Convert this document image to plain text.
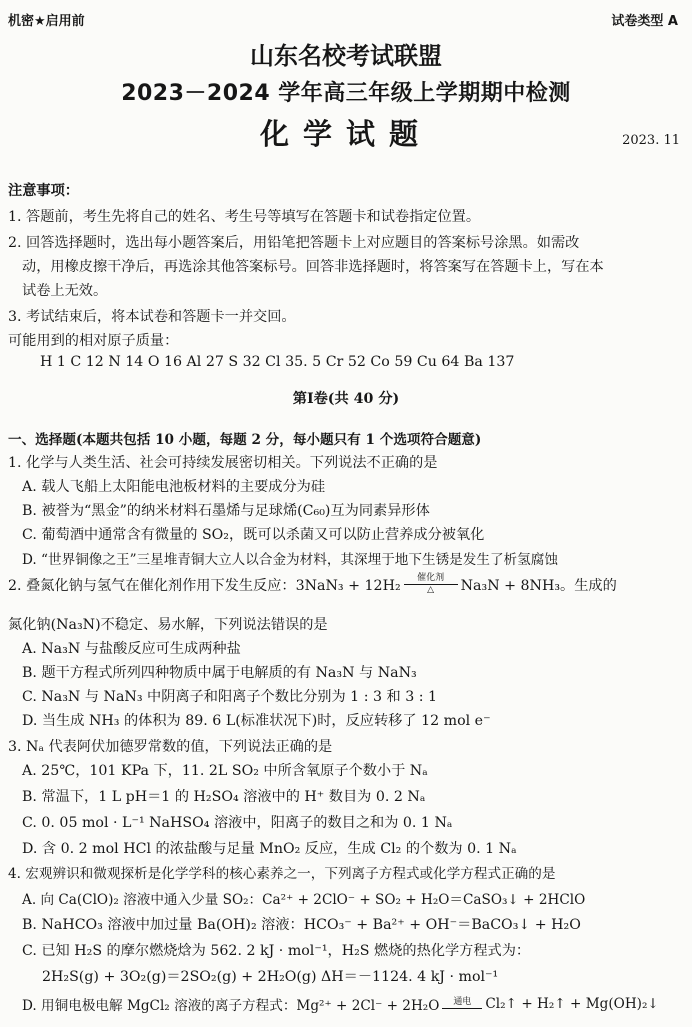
机密★启用前	试卷类型 A
山东名校考试联盟
2023－2024 学年高三年级上学期期中检测
化学试题	2023. 11
注意事项：
1. 答题前，考生先将自己的姓名、考生号等填写在答题卡和试卷指定位置。
2. 回答选择题时，选出每小题答案后，用铅笔把答题卡上对应题目的答案标号涂黑。如需改
动，用橡皮擦干净后，再选涂其他答案标号。回答非选择题时，将答案写在答题卡上，写在本
试卷上无效。
3. 考试结束后，将本试卷和答题卡一并交回。
可能用到的相对原子质量：
H 1 C 12 N 14 O 16 Al 27 S 32 Cl 35. 5 Cr 52 Co 59 Cu 64 Ba 137
第Ⅰ卷(共 40 分)
一、选择题(本题共包括 10 小题，每题 2 分，每小题只有 1 个选项符合题意)
1. 化学与人类生活、社会可持续发展密切相关。下列说法不正确的是
A. 载人飞船上太阳能电池板材料的主要成分为硅
B. 被誉为“黑金”的纳米材料石墨烯与足球烯(C₆₀)互为同素异形体
C. 葡萄酒中通常含有微量的 SO₂，既可以杀菌又可以防止营养成分被氧化
D. “世界铜像之王”三星堆青铜大立人以合金为材料，其深埋于地下生锈是发生了析氢腐蚀
2. 叠氮化钠与氢气在催化剂作用下发生反应：3NaN₃ + 12H₂ 催化剂
△ Na₃N + 8NH₃。生成的
氮化钠(Na₃N)不稳定、易水解，下列说法错误的是
A. Na₃N 与盐酸反应可生成两种盐
B. 题干方程式所列四种物质中属于电解质的有 Na₃N 与 NaN₃
C. Na₃N 与 NaN₃ 中阴离子和阳离子个数比分别为 1 : 3 和 3 : 1
D. 当生成 NH₃ 的体积为 89. 6 L(标准状况下)时，反应转移了 12 mol e⁻
3. Nₐ 代表阿伏加德罗常数的值，下列说法正确的是
A. 25℃，101 KPa 下，11. 2L SO₂ 中所含氧原子个数小于 Nₐ
B. 常温下，1 L pH＝1 的 H₂SO₄ 溶液中的 H⁺ 数目为 0. 2 Nₐ
C. 0. 05 mol · L⁻¹ NaHSO₄ 溶液中，阳离子的数目之和为 0. 1 Nₐ
D. 含 0. 2 mol HCl 的浓盐酸与足量 MnO₂ 反应，生成 Cl₂ 的个数为 0. 1 Nₐ
4. 宏观辨识和微观探析是化学学科的核心素养之一，下列离子方程式或化学方程式正确的是
A. 向 Ca(ClO)₂ 溶液中通入少量 SO₂：Ca²⁺ + 2ClO⁻ + SO₂ + H₂O＝CaSO₃↓ + 2HClO
B. NaHCO₃ 溶液中加过量 Ba(OH)₂ 溶液：HCO₃⁻ + Ba²⁺ + OH⁻＝BaCO₃↓ + H₂O
C. 已知 H₂S 的摩尔燃烧焓为 562. 2 kJ · mol⁻¹，H₂S 燃烧的热化学方程式为：
2H₂S(g) + 3O₂(g)＝2SO₂(g) + 2H₂O(g) ΔH＝－1124. 4 kJ · mol⁻¹
D. 用铜电极电解 MgCl₂ 溶液的离子方程式：Mg²⁺ + 2Cl⁻ + 2H₂O 通电 Cl₂↑ + H₂↑ + Mg(OH)₂↓
